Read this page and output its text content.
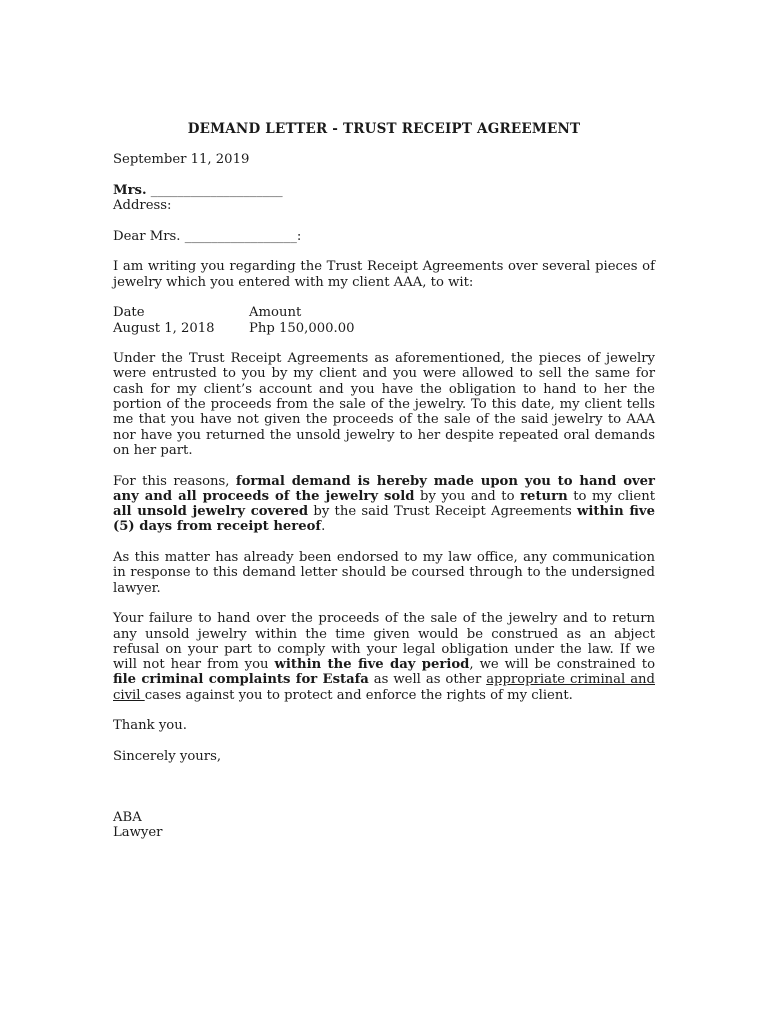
DEMAND LETTER - TRUST RECEIPT AGREEMENT

September 11, 2019

Mrs. ____________________

Address:

Dear Mrs. _________________:

I am writing you regarding the Trust Receipt Agreements over several pieces of jewelry which you entered with my client AAA, to wit:

Date	Amount
August 1, 2018	Php 150,000.00

Under the Trust Receipt Agreements as aforementioned, the pieces of jewelry were entrusted to you by my client and you were allowed to sell the same for cash for my client’s account and you have the obligation to hand to her the portion of the proceeds from the sale of the jewelry. To this date, my client tells me that you have not given the proceeds of the sale of the said jewelry to AAA nor have you returned the unsold jewelry to her despite repeated oral demands on her part.

For this reasons, formal demand is hereby made upon you to hand over any and all proceeds of the jewelry sold by you and to return to my client all unsold jewelry covered by the said Trust Receipt Agreements within five (5) days from receipt hereof.

As this matter has already been endorsed to my law office, any communication in response to this demand letter should be coursed through to the undersigned lawyer.

Your failure to hand over the proceeds of the sale of the jewelry and to return any unsold jewelry within the time given would be construed as an abject refusal on your part to comply with your legal obligation under the law. If we will not hear from you within the five day period, we will be constrained to file criminal complaints for Estafa as well as other appropriate criminal and civil cases against you to protect and enforce the rights of my client.

Thank you.

Sincerely yours,

ABA

Lawyer
